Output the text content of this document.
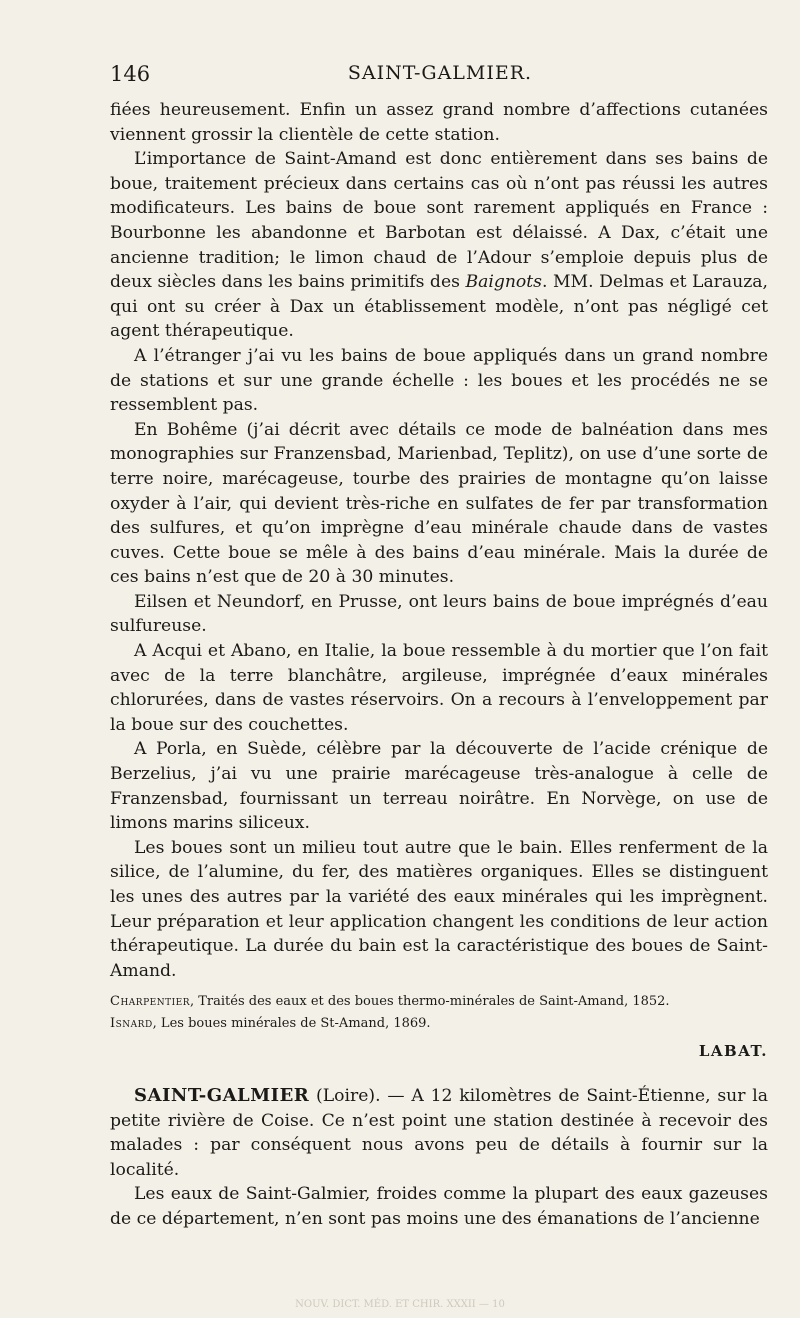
146	SAINT-GALMIER.

fiées heureusement. Enfin un assez grand nombre d’affections cutanées viennent grossir la clientèle de cette station.

L’importance de Saint-Amand est donc entièrement dans ses bains de boue, traitement précieux dans certains cas où n’ont pas réussi les autres modificateurs. Les bains de boue sont rarement appliqués en France : Bourbonne les abandonne et Barbotan est délaissé. A Dax, c’était une ancienne tradition; le limon chaud de l’Adour s’emploie depuis plus de deux siècles dans les bains primitifs des Baignots. MM. Delmas et Larauza, qui ont su créer à Dax un établissement modèle, n’ont pas négligé cet agent thérapeutique.

A l’étranger j’ai vu les bains de boue appliqués dans un grand nombre de stations et sur une grande échelle : les boues et les procédés ne se ressemblent pas.

En Bohême (j’ai décrit avec détails ce mode de balnéation dans mes monographies sur Franzensbad, Marienbad, Teplitz), on use d’une sorte de terre noire, marécageuse, tourbe des prairies de montagne qu’on laisse oxyder à l’air, qui devient très-riche en sulfates de fer par transformation des sulfures, et qu’on imprègne d’eau minérale chaude dans de vastes cuves. Cette boue se mêle à des bains d’eau minérale. Mais la durée de ces bains n’est que de 20 à 30 minutes.

Eilsen et Neundorf, en Prusse, ont leurs bains de boue imprégnés d’eau sulfureuse.

A Acqui et Abano, en Italie, la boue ressemble à du mortier que l’on fait avec de la terre blanchâtre, argileuse, imprégnée d’eaux minérales chlorurées, dans de vastes réservoirs. On a recours à l’enveloppement par la boue sur des couchettes.

A Porla, en Suède, célèbre par la découverte de l’acide crénique de Berzelius, j’ai vu une prairie marécageuse très-analogue à celle de Franzensbad, fournissant un terreau noirâtre. En Norvège, on use de limons marins siliceux.

Les boues sont un milieu tout autre que le bain. Elles renferment de la silice, de l’alumine, du fer, des matières organiques. Elles se distinguent les unes des autres par la variété des eaux minérales qui les imprègnent. Leur préparation et leur application changent les conditions de leur action thérapeutique. La durée du bain est la caractéristique des boues de Saint-Amand.

Charpentier, Traités des eaux et des boues thermo-minérales de Saint-Amand, 1852.

Isnard, Les boues minérales de St-Amand, 1869.

LABAT.

SAINT-GALMIER (Loire). — A 12 kilomètres de Saint-Étienne, sur la petite rivière de Coise. Ce n’est point une station destinée à recevoir des malades : par conséquent nous avons peu de détails à fournir sur la localité.

Les eaux de Saint-Galmier, froides comme la plupart des eaux gazeuses de ce département, n’en sont pas moins une des émanations de l’ancienne

NOUV. DICT. MÉD. ET CHIR. XXXII — 10
